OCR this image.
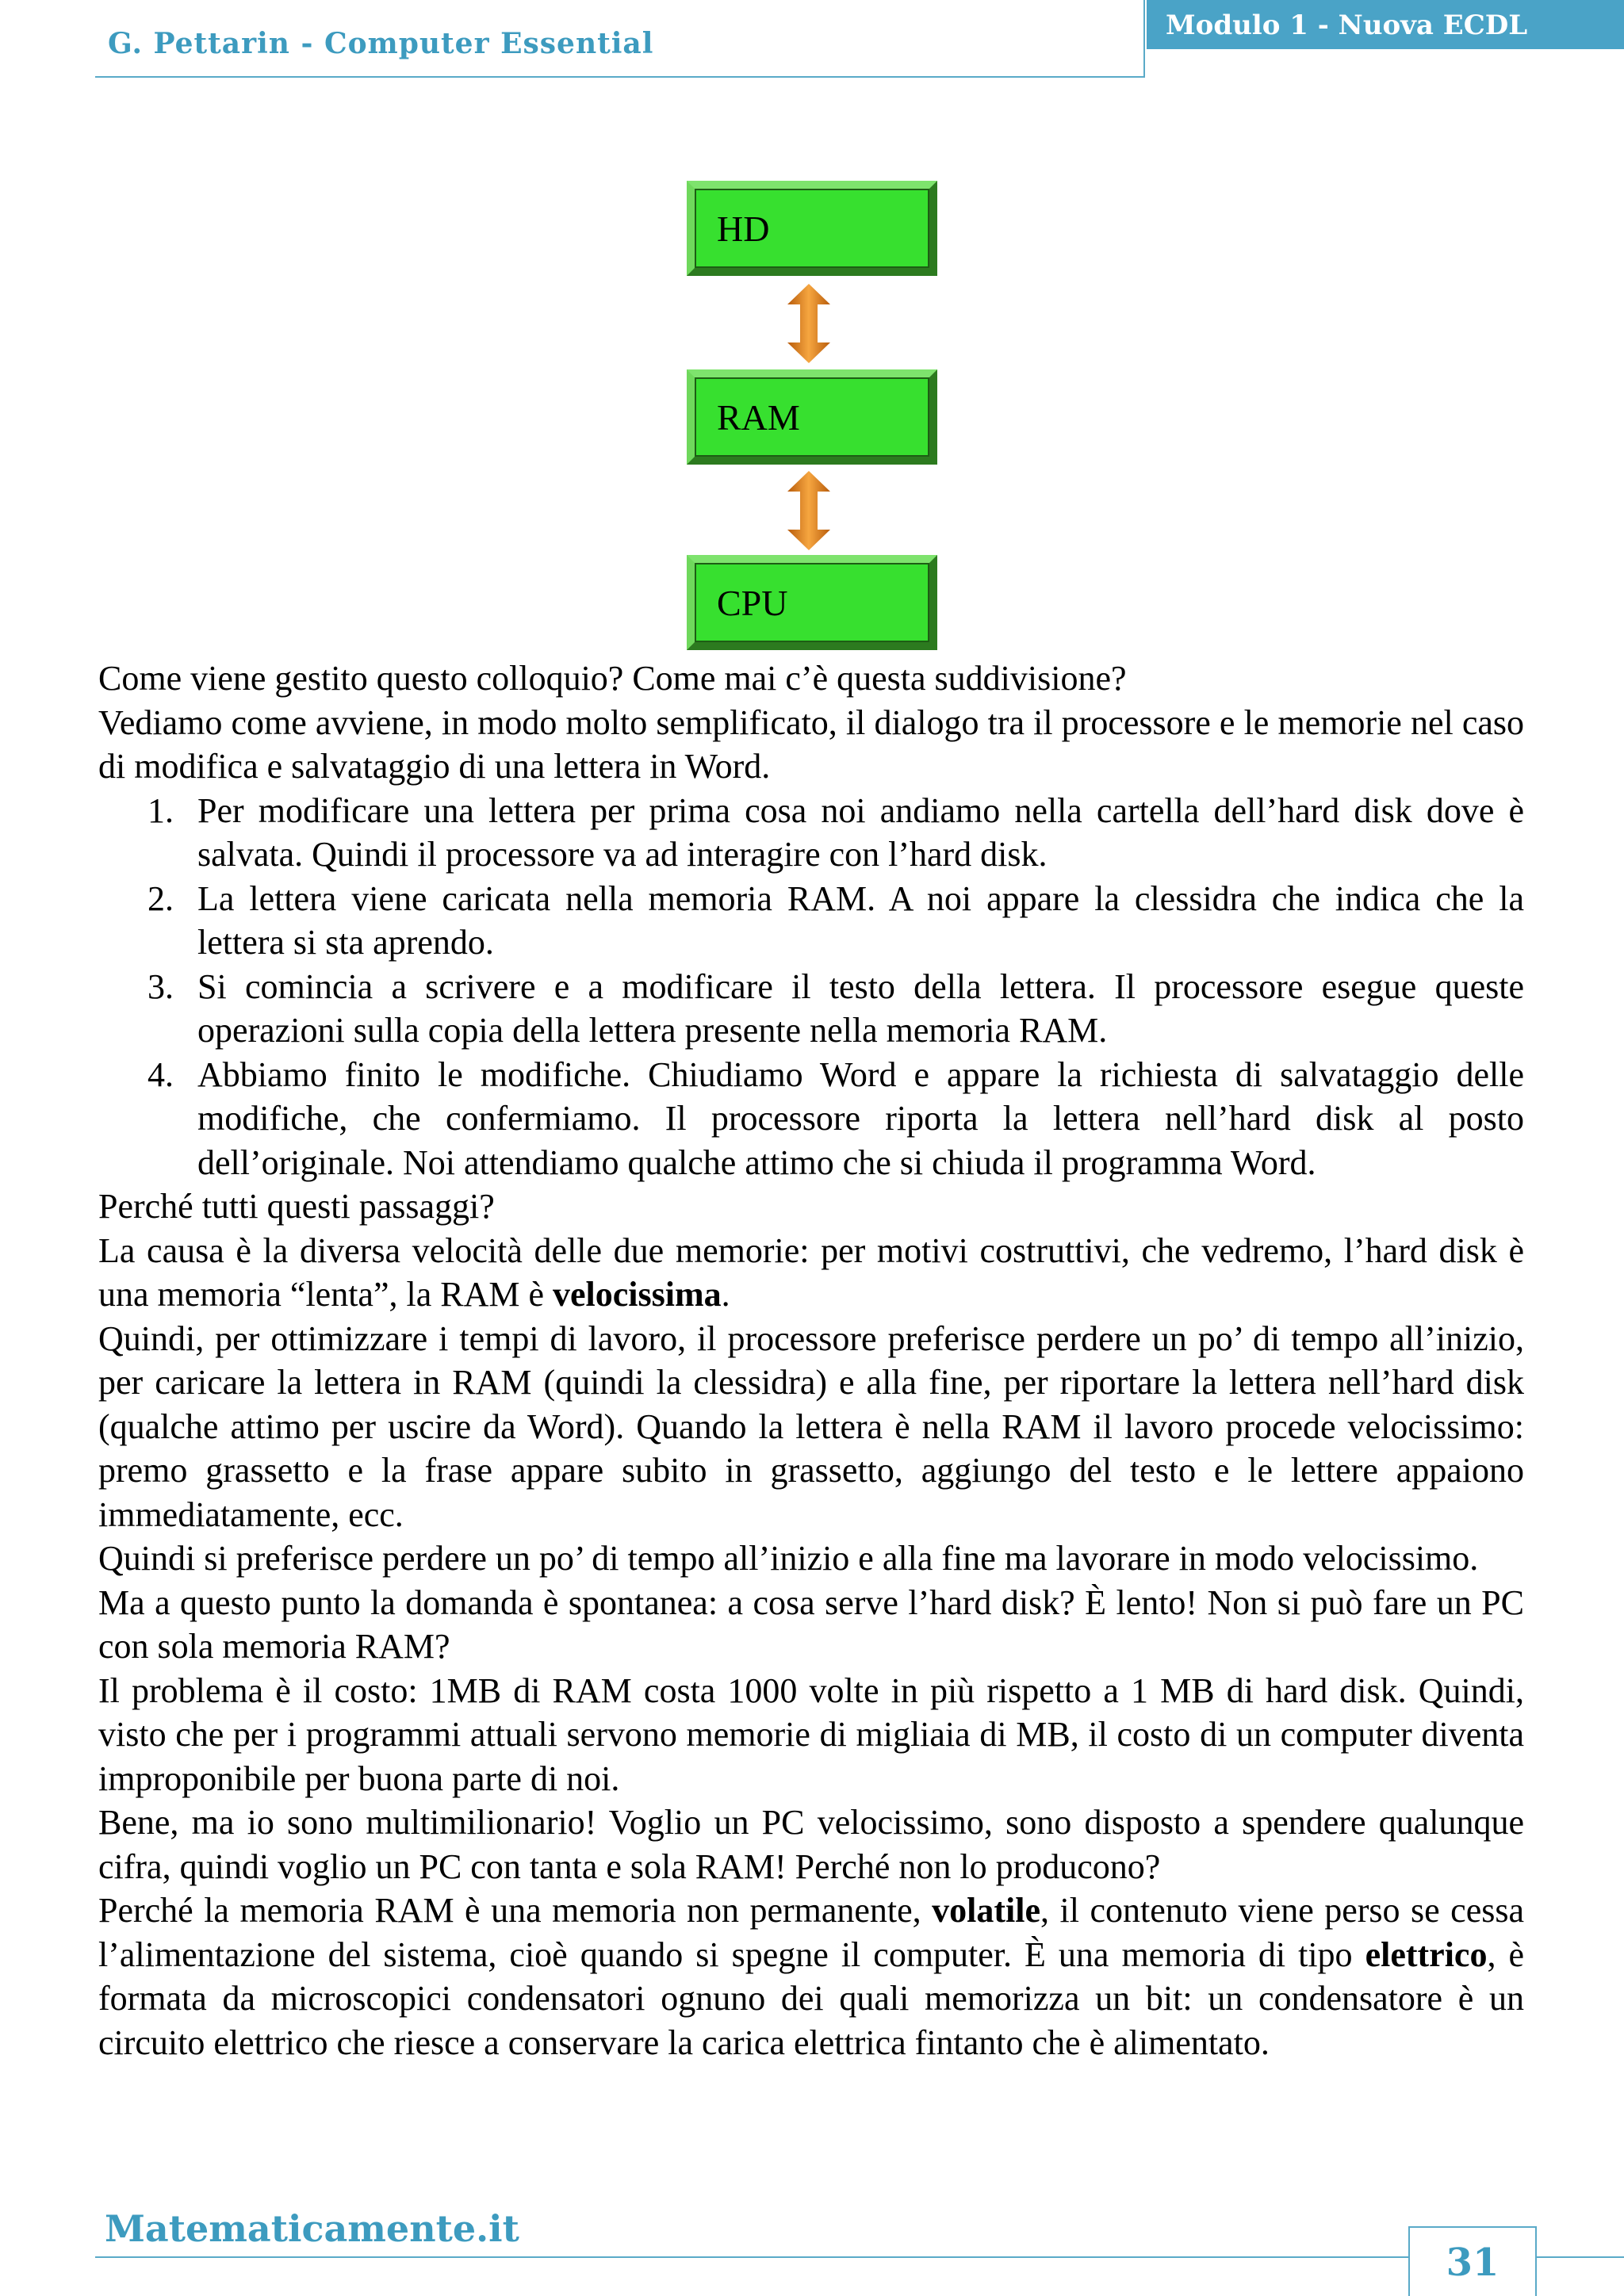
G. Pettarin - Computer Essential
Modulo 1 - Nuova ECDL
HD
RAM
CPU

Come viene gestito questo colloquio? Come mai c’è questa suddivisione?

Vediamo come avviene, in modo molto semplificato, il dialogo tra il processore e le memorie nel caso di modifica e salvataggio di una lettera in Word.

1. Per modificare una lettera per prima cosa noi andiamo nella cartella dell’hard disk dove è salvata. Quindi il processore va ad interagire con l’hard disk.
2. La lettera viene caricata nella memoria RAM. A noi appare la clessidra che indica che la lettera si sta aprendo.
3. Si comincia a scrivere e a modificare il testo della lettera. Il processore esegue queste operazioni sulla copia della lettera presente nella memoria RAM.
4. Abbiamo finito le modifiche. Chiudiamo Word e appare la richiesta di salvataggio delle modifiche, che confermiamo. Il processore riporta la lettera nell’hard disk al posto dell’originale. Noi attendiamo qualche attimo che si chiuda il programma Word.

Perché tutti questi passaggi?

La causa è la diversa velocità delle due memorie: per motivi costruttivi, che vedremo, l’hard disk è una memoria “lenta”, la RAM è velocissima.

Quindi, per ottimizzare i tempi di lavoro, il processore preferisce perdere un po’ di tempo all’inizio, per caricare la lettera in RAM (quindi la clessidra) e alla fine, per riportare la lettera nell’hard disk (qualche attimo per uscire da Word). Quando la lettera è nella RAM il lavoro procede velocissimo: premo grassetto e la frase appare subito in grassetto, aggiungo del testo e le lettere appaiono immediatamente, ecc.

Quindi si preferisce perdere un po’ di tempo all’inizio e alla fine ma lavorare in modo velocissimo.

Ma a questo punto la domanda è spontanea: a cosa serve l’hard disk? È lento! Non si può fare un PC con sola memoria RAM?

Il problema è il costo: 1MB di RAM costa 1000 volte in più rispetto a 1 MB di hard disk. Quindi, visto che per i programmi attuali servono memorie di migliaia di MB, il costo di un computer diventa improponibile per buona parte di noi.

Bene, ma io sono multimilionario! Voglio un PC velocissimo, sono disposto a spendere qualunque cifra, quindi voglio un PC con tanta e sola RAM! Perché non lo producono?

Perché la memoria RAM è una memoria non permanente, volatile, il contenuto viene perso se cessa l’alimentazione del sistema, cioè quando si spegne il computer. È una memoria di tipo elettrico, è formata da microscopici condensatori ognuno dei quali memorizza un bit: un condensatore è un circuito elettrico che riesce a conservare la carica elettrica fintanto che è alimentato.

Matematicamente.it
31
